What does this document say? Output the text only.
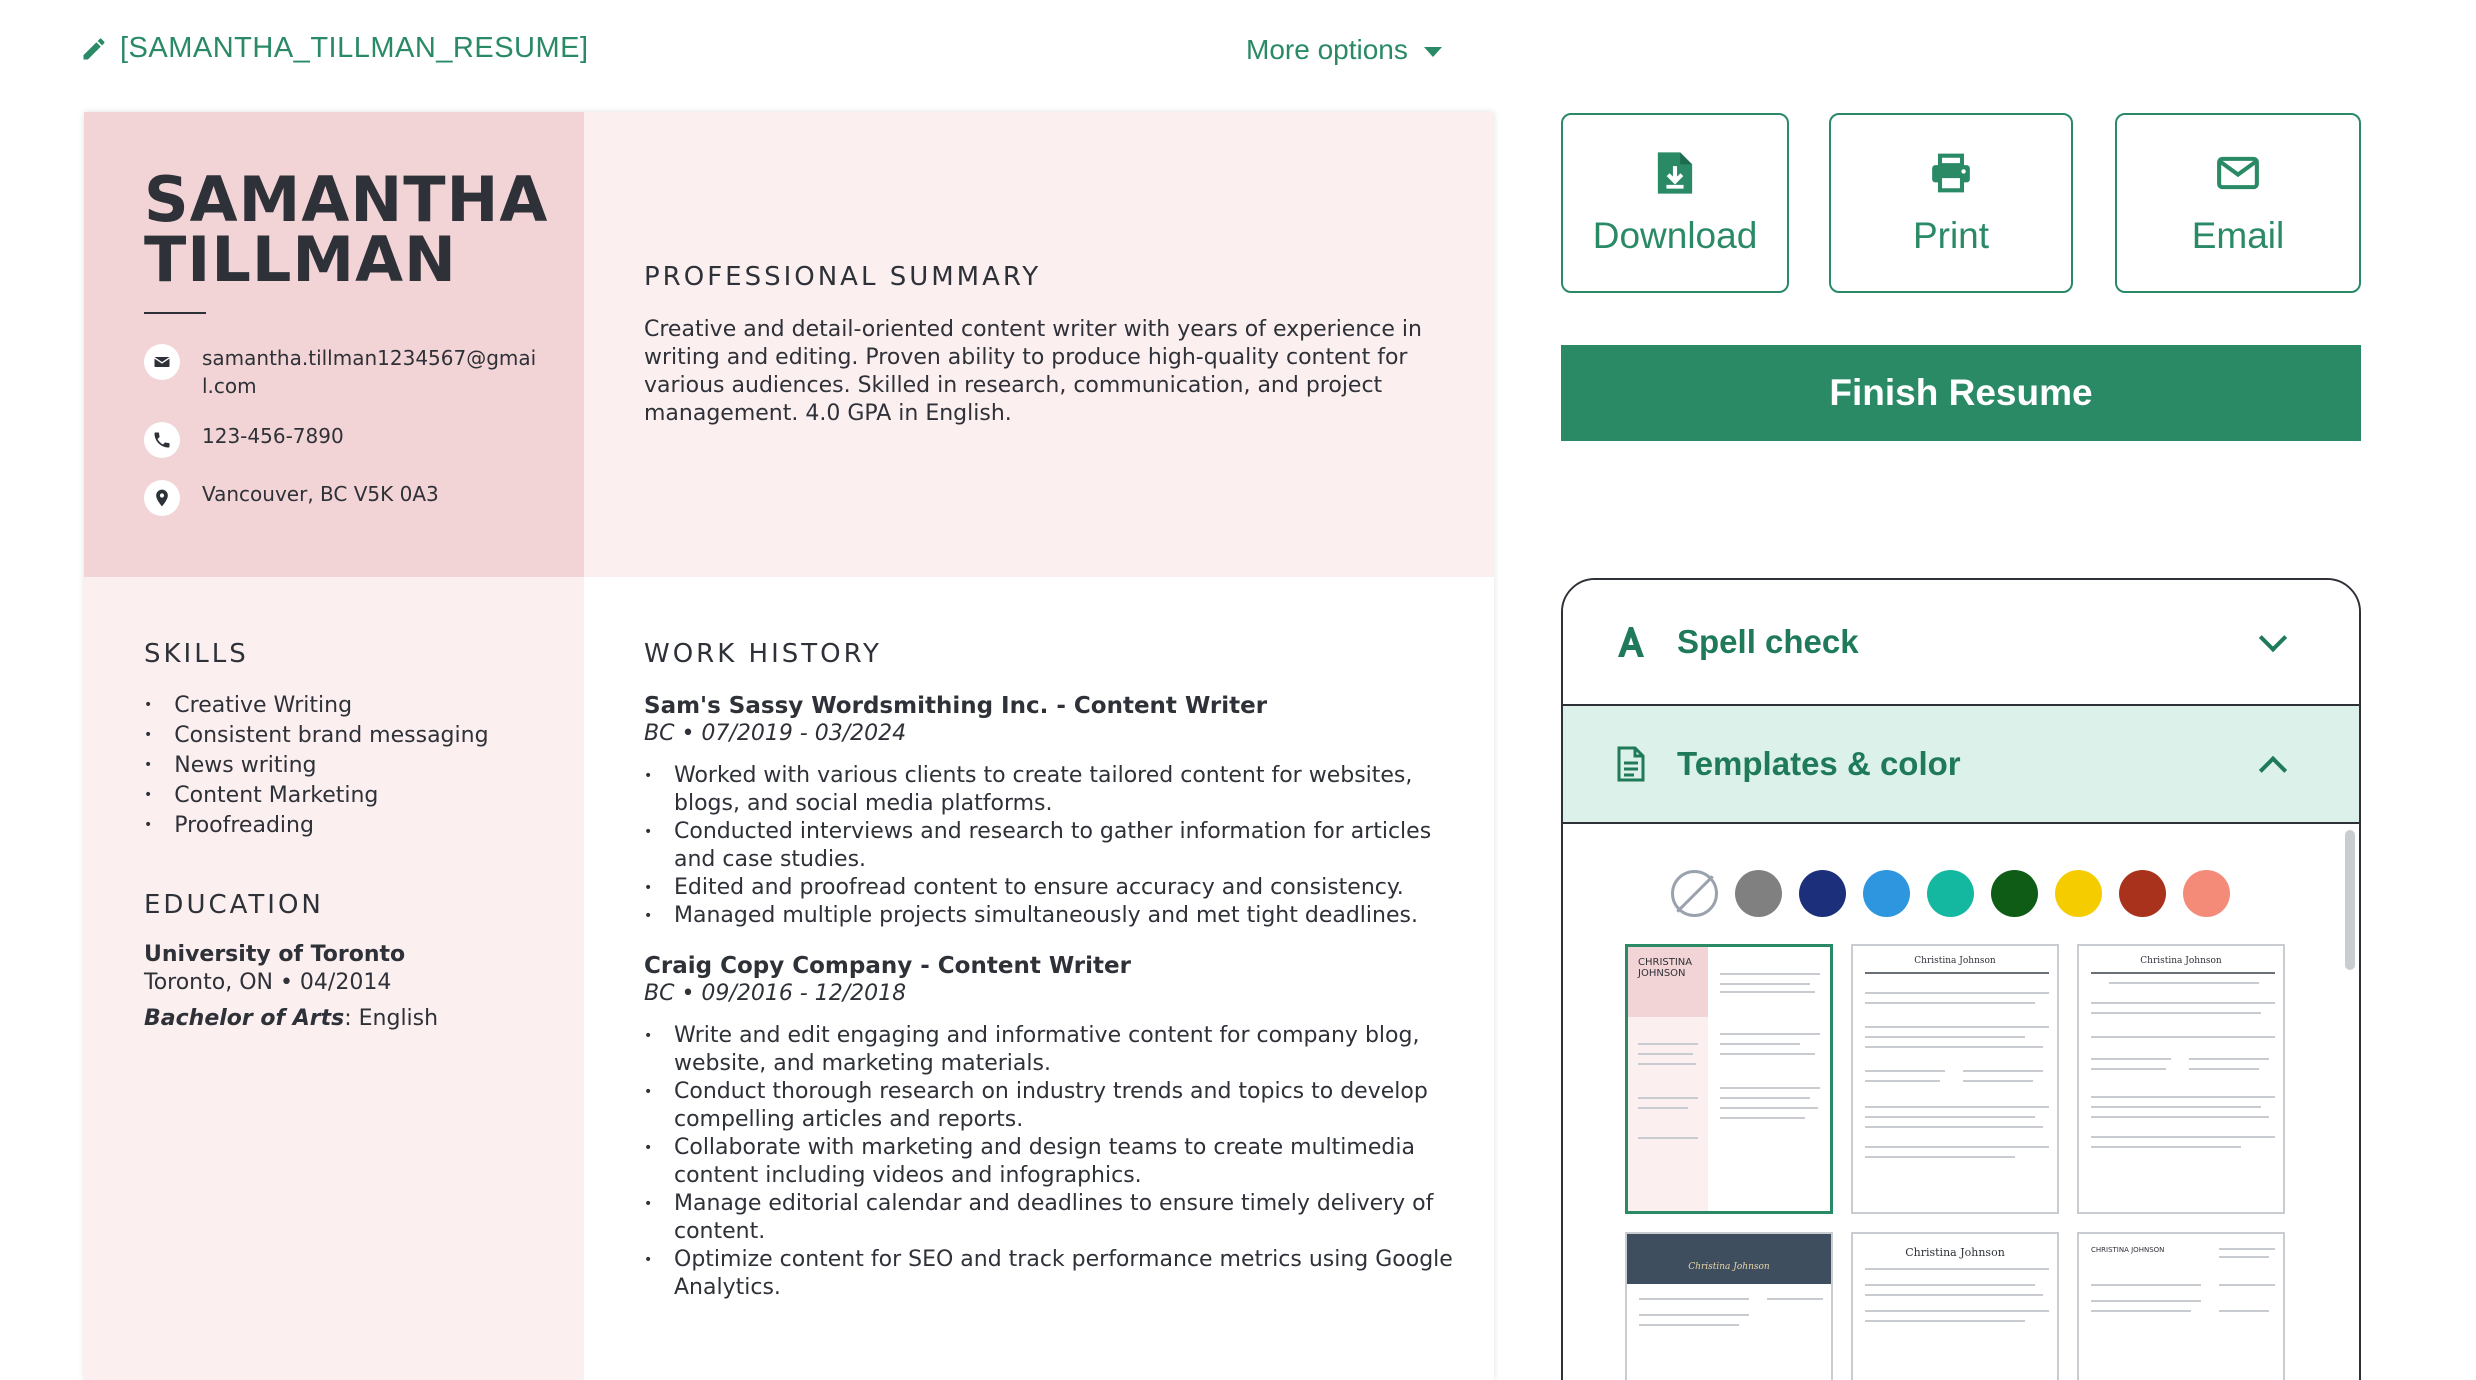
[SAMANTHA_TILLMAN_RESUME]	More options
SAMANTHA
TILLMAN
samantha.tillman1234567@gmail.com
123-456-7890
Vancouver, BC V5K 0A3
PROFESSIONAL SUMMARY
Creative and detail-oriented content writer with years of experience in writing and editing. Proven ability to produce high-quality content for various audiences. Skilled in research, communication, and project management. 4.0 GPA in English.
SKILLS
• Creative Writing
• Consistent brand messaging
• News writing
• Content Marketing
• Proofreading
EDUCATION
University of Toronto
Toronto, ON • 04/2014
Bachelor of Arts: English
WORK HISTORY
Sam's Sassy Wordsmithing Inc. - Content Writer
BC • 07/2019 - 03/2024
• Worked with various clients to create tailored content for websites, blogs, and social media platforms.
• Conducted interviews and research to gather information for articles and case studies.
• Edited and proofread content to ensure accuracy and consistency.
• Managed multiple projects simultaneously and met tight deadlines.
Craig Copy Company - Content Writer
BC • 09/2016 - 12/2018
• Write and edit engaging and informative content for company blog, website, and marketing materials.
• Conduct thorough research on industry trends and topics to develop compelling articles and reports.
• Collaborate with marketing and design teams to create multimedia content including videos and infographics.
• Manage editorial calendar and deadlines to ensure timely delivery of content.
• Optimize content for SEO and track performance metrics using Google Analytics.
Download	Print	Email
Finish Resume
Spell check
Templates & color
CHRISTINA JOHNSON
Christina Johnson	Christina Johnson
Christina Johnson
Christina Johnson	CHRISTINA JOHNSON
